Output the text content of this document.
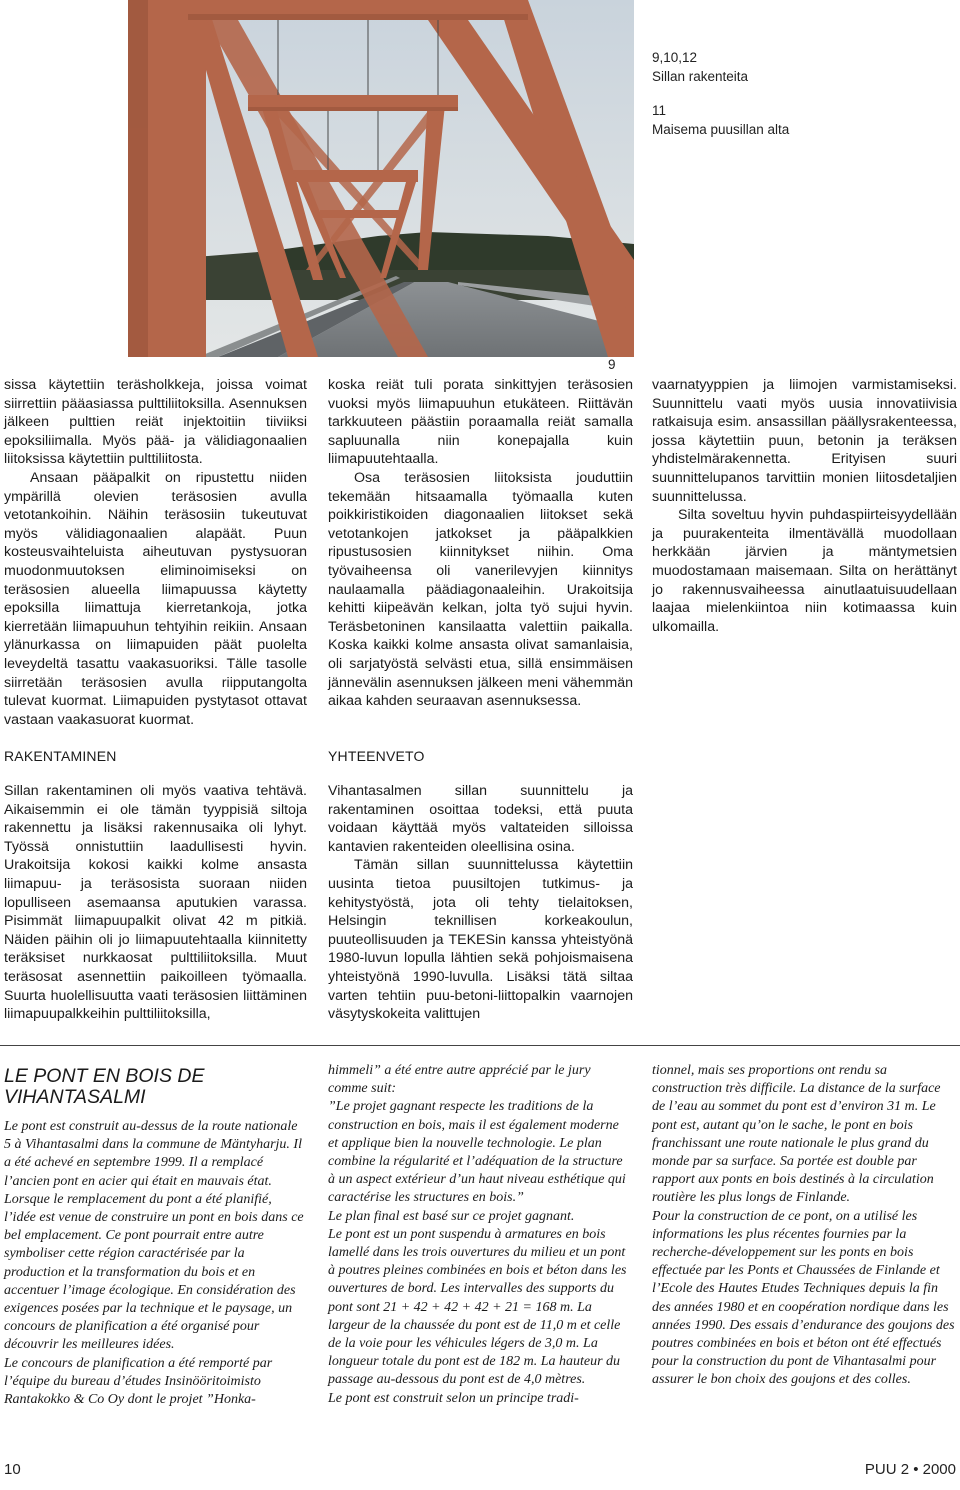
9,10,12
Sillan rakenteita
11
Maisema puusillan alta
9

sissa käytettiin teräsholkkeja, joissa voimat siirrettiin pääasiassa pulttiliitoksilla. Asennuksen jälkeen pulttien reiät injektoitiin tiiviiksi epoksiliimalla. Myös pää- ja välidiagonaalien liitoksissa käytettiin pulttiliitosta.

Ansaan pääpalkit on ripustettu niiden ympärillä olevien teräsosien avulla vetotankoihin. Näihin teräsosiin tukeutuvat myös välidiagonaalien alapäät. Puun kosteusvaihteluista aiheutuvan pystysuoran muodonmuutoksen eliminoimiseksi on teräsosien alueella liimapuussa käytetty epoksilla liimattuja kierretankoja, jotka kierretään liimapuuhun tehtyihin reikiin. Ansaan ylänurkassa on liimapuiden päät puolelta leveydeltä tasattu vaakasuoriksi. Tälle tasolle siirretään teräsosien avulla riipputangolta tulevat kuormat. Liimapuiden pystytasot ottavat vastaan vaakasuorat kuormat.

RAKENTAMINEN

Sillan rakentaminen oli myös vaativa tehtävä. Aikaisemmin ei ole tämän tyyppisiä siltoja rakennettu ja lisäksi rakennusaika oli lyhyt. Työssä onnistuttiin laadullisesti hyvin. Urakoitsija kokosi kaikki kolme ansasta liimapuu- ja teräsosista suoraan niiden lopulliseen asemaansa aputukien varassa. Pisimmät liimapuupalkit olivat 42 m pitkiä. Näiden päihin oli jo liimapuutehtaalla kiinnitetty teräksiset nurkkaosat pulttiliitoksilla. Muut teräsosat asennettiin paikoilleen työmaalla. Suurta huolellisuutta vaati teräsosien liittäminen liimapuupalkkeihin pulttiliitoksilla,

koska reiät tuli porata sinkittyjen teräsosien vuoksi myös liimapuuhun etukäteen. Riittävän tarkkuuteen päästiin poraamalla reiät samalla sapluunalla niin konepajalla kuin liimapuutehtaalla.

Osa teräsosien liitoksista jouduttiin tekemään hitsaamalla työmaalla kuten poikkiristikoiden diagonaalien liitokset sekä vetotankojen jatkokset ja pääpalkkien ripustusosien kiinnitykset niihin. Oma työvaiheensa oli vanerilevyjen kiinnitys naulaamalla päädiagonaaleihin. Urakoitsija kehitti kiipeävän kelkan, jolta työ sujui hyvin. Teräsbetoninen kansilaatta valettiin paikalla. Koska kaikki kolme ansasta olivat samanlaisia, oli sarjatyöstä selvästi etua, sillä ensimmäisen jännevälin asennuksen jälkeen meni vähemmän aikaa kahden seuraavan asennuksessa.

YHTEENVETO

Vihantasalmen sillan suunnittelu ja rakentaminen osoittaa todeksi, että puuta voidaan käyttää myös valtateiden silloissa kantavien rakenteiden oleellisina osina.

Tämän sillan suunnittelussa käytettiin uusinta tietoa puusiltojen tutkimus- ja kehitystyöstä, jota oli tehty tielaitoksen, Helsingin teknillisen korkeakoulun, puuteollisuuden ja TEKESin kanssa yhteistyönä 1980-luvun lopulla lähtien sekä pohjoismaisena yhteistyönä 1990-luvulla. Lisäksi tätä siltaa varten tehtiin puu-betoni-liittopalkin vaarnojen väsytyskokeita valittujen

vaarnatyyppien ja liimojen varmistamiseksi. Suunnittelu vaati myös uusia innovatiivisia ratkaisuja esim. ansassillan päällysrakenteessa, jossa käytettiin puun, betonin ja teräksen yhdistelmärakennetta. Erityisen suuri suunnittelupanos tarvittiin monien liitosdetaljien suunnittelussa.

Silta soveltuu hyvin puhdaspiirteisyydellään ja puurakenteita ilmentävällä muodollaan herkkään järvien ja mäntymetsien muodostamaan maisemaan. Silta on herättänyt jo rakennusvaiheessa ainutlaatuisuudellaan laajaa mielenkiintoa niin kotimaassa kuin ulkomailla.

LE PONT EN BOIS DE VIHANTASALMI

Le pont est construit au-dessus de la route nationale 5 à Vihantasalmi dans la commune de Mäntyharju. Il a été achevé en septembre 1999. Il a remplacé l’ancien pont en acier qui était en mauvais état.

Lorsque le remplacement du pont a été planifié, l’idée est venue de construire un pont en bois dans ce bel emplacement. Ce pont pourrait entre autre symboliser cette région caractérisée par la production et la transformation du bois et en accentuer l’image écologique. En considération des exigences posées par la technique et le paysage, un concours de planification a été organisé pour découvrir les meilleures idées.

Le concours de planification a été remporté par l’équipe du bureau d’études Insinööritoimisto Rantakokko & Co Oy dont le projet ”Honka-

himmeli” a été entre autre apprécié par le jury comme suit:

”Le projet gagnant respecte les traditions de la construction en bois, mais il est également moderne et applique bien la nouvelle technologie. Le plan combine la régularité et l’adéquation de la structure à un aspect extérieur d’un haut niveau esthétique qui caractérise les structures en bois.”

Le plan final est basé sur ce projet gagnant.

Le pont est un pont suspendu à armatures en bois lamellé dans les trois ouvertures du milieu et un pont à poutres pleines combinées en bois et béton dans les ouvertures de bord. Les intervalles des supports du pont sont 21 + 42 + 42 + 42 + 21 = 168 m. La largeur de la chaussée du pont est de 11,0 m et celle de la voie pour les véhicules légers de 3,0 m. La longueur totale du pont est de 182 m. La hauteur du passage au-dessous du pont est de 4,0 mètres.

Le pont est construit selon un principe tradi-

tionnel, mais ses proportions ont rendu sa construction très difficile. La distance de la surface de l’eau au sommet du pont est d’environ 31 m. Le pont est, autant qu’on le sache, le pont en bois franchissant une route nationale le plus grand du monde par sa surface. Sa portée est double par rapport aux ponts en bois destinés à la circulation routière les plus longs de Finlande.

Pour la construction de ce pont, on a utilisé les informations les plus récentes fournies par la recherche-développement sur les ponts en bois effectuée par les Ponts et Chaussées de Finlande et l’Ecole des Hautes Etudes Techniques depuis la fin des années 1980 et en coopération nordique dans les années 1990. Des essais d’endurance des goujons des poutres combinées en bois et béton ont été effectués pour la construction du pont de Vihantasalmi pour assurer le bon choix des goujons et des colles.

10	PUU 2 • 2000
